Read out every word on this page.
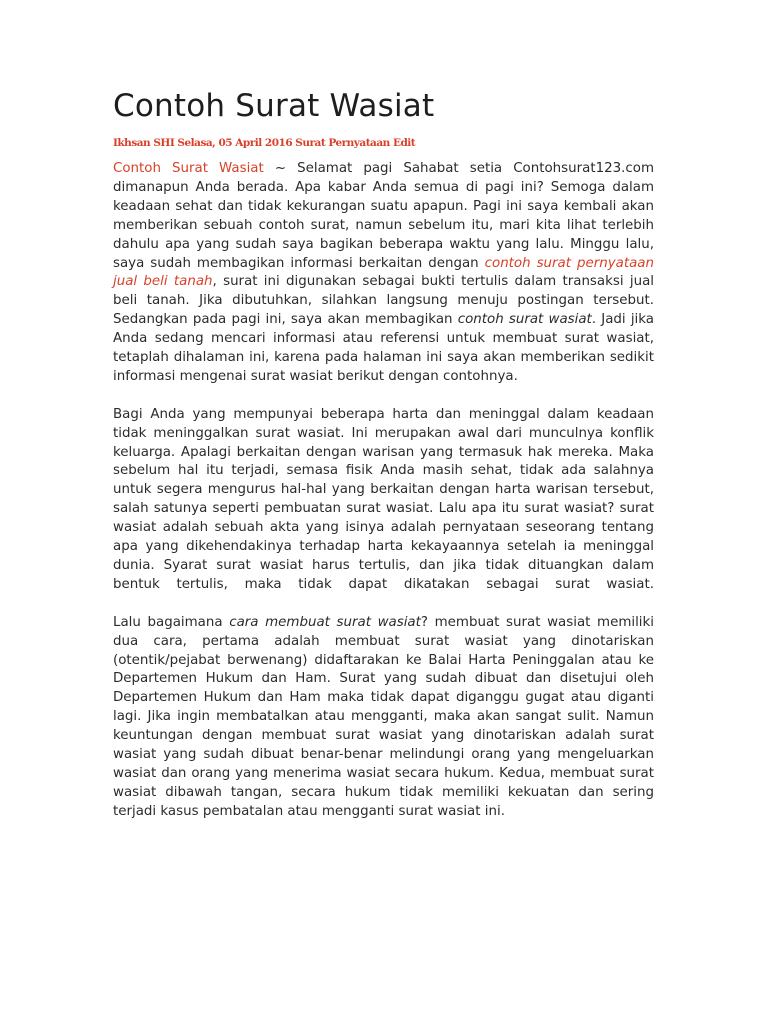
Contoh Surat Wasiat
Ikhsan SHI Selasa, 05 April 2016 Surat Pernyataan Edit

Contoh Surat Wasiat ~ Selamat pagi Sahabat setia Contohsurat123.com dimanapun Anda berada. Apa kabar Anda semua di pagi ini? Semoga dalam keadaan sehat dan tidak kekurangan suatu apapun. Pagi ini saya kembali akan memberikan sebuah contoh surat, namun sebelum itu, mari kita lihat terlebih dahulu apa yang sudah saya bagikan beberapa waktu yang lalu. Minggu lalu, saya sudah membagikan informasi berkaitan dengan contoh surat pernyataan jual beli tanah, surat ini digunakan sebagai bukti tertulis dalam transaksi jual beli tanah. Jika dibutuhkan, silahkan langsung menuju postingan tersebut. Sedangkan pada pagi ini, saya akan membagikan contoh surat wasiat. Jadi jika Anda sedang mencari informasi atau referensi untuk membuat surat wasiat, tetaplah dihalaman ini, karena pada halaman ini saya akan memberikan sedikit informasi mengenai surat wasiat berikut dengan contohnya.

Bagi Anda yang mempunyai beberapa harta dan meninggal dalam keadaan tidak meninggalkan surat wasiat. Ini merupakan awal dari munculnya konflik keluarga. Apalagi berkaitan dengan warisan yang termasuk hak mereka. Maka sebelum hal itu terjadi, semasa fisik Anda masih sehat, tidak ada salahnya untuk segera mengurus hal-hal yang berkaitan dengan harta warisan tersebut, salah satunya seperti pembuatan surat wasiat. Lalu apa itu surat wasiat? surat wasiat adalah sebuah akta yang isinya adalah pernyataan seseorang tentang apa yang dikehendakinya terhadap harta kekayaannya setelah ia meninggal dunia. Syarat surat wasiat harus tertulis, dan jika tidak dituangkan dalam bentuk tertulis, maka tidak dapat dikatakan sebagai surat wasiat.

Lalu bagaimana cara membuat surat wasiat? membuat surat wasiat memiliki dua cara, pertama adalah membuat surat wasiat yang dinotariskan (otentik/pejabat berwenang) didaftarakan ke Balai Harta Peninggalan atau ke Departemen Hukum dan Ham. Surat yang sudah dibuat dan disetujui oleh Departemen Hukum dan Ham maka tidak dapat diganggu gugat atau diganti lagi. Jika ingin membatalkan atau mengganti, maka akan sangat sulit. Namun keuntungan dengan membuat surat wasiat yang dinotariskan adalah surat wasiat yang sudah dibuat benar-benar melindungi orang yang mengeluarkan wasiat dan orang yang menerima wasiat secara hukum. Kedua, membuat surat wasiat dibawah tangan, secara hukum tidak memiliki kekuatan dan sering terjadi kasus pembatalan atau mengganti surat wasiat ini.
